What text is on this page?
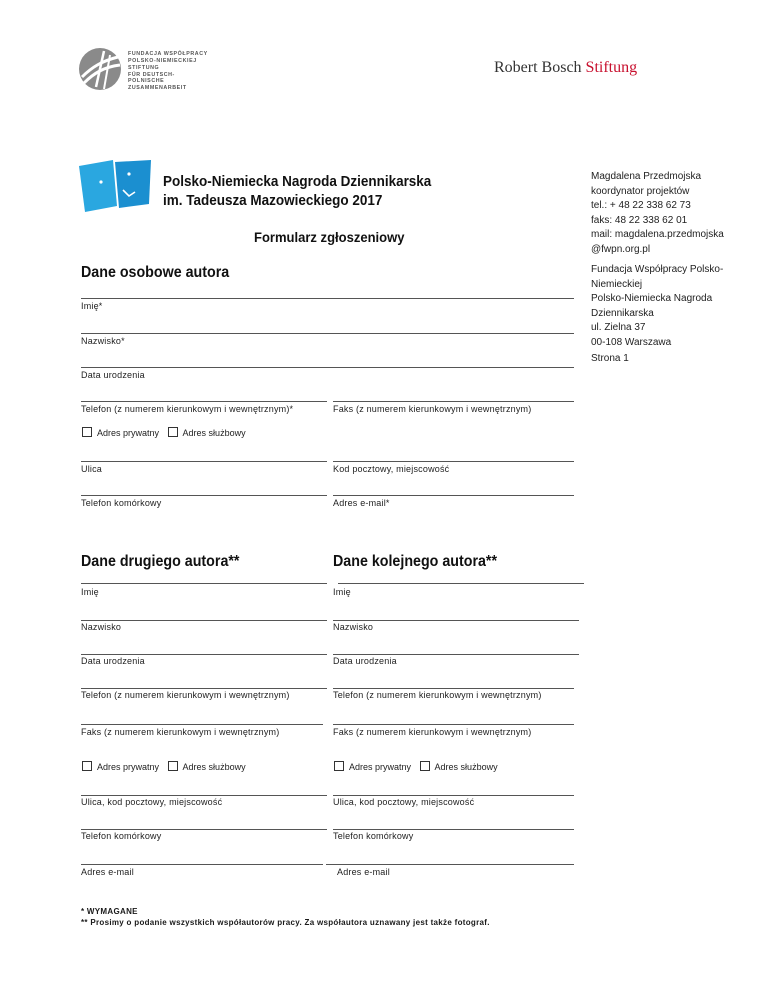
FUNDACJA WSPÓŁPRACY
POLSKO-NIEMIECKIEJ
STIFTUNG
FÜR DEUTSCH-POLNISCHE
ZUSAMMENARBEIT
Robert Bosch Stiftung
Polsko-Niemiecka Nagroda Dziennikarska
im. Tadeusza Mazowieckiego 2017
Formularz zgłoszeniowy
Magdalena Przedmojska
koordynator projektów
tel.: + 48 22 338 62 73
faks: 48 22 338 62 01
mail: magdalena.przedmojska
@fwpn.org.pl
Fundacja Współpracy Polsko-
Niemieckiej
Polsko-Niemiecka Nagroda
Dziennikarska
ul. Zielna 37
00-108 Warszawa
Strona 1
Dane osobowe autora
Imię*
Nazwisko*
Data urodzenia
Telefon (z numerem kierunkowym i wewnętrznym)*	Faks (z numerem kierunkowym i wewnętrznym)
Adres prywatny	Adres służbowy
Ulica	Kod pocztowy, miejscowość
Telefon komórkowy	Adres e-mail*
Dane drugiego autora**	Dane kolejnego autora**
Imię	Imię
Nazwisko	Nazwisko
Data urodzenia	Data urodzenia
Telefon (z numerem kierunkowym i wewnętrznym)	Telefon (z numerem kierunkowym i wewnętrznym)
Faks (z numerem kierunkowym i wewnętrznym)	Faks (z numerem kierunkowym i wewnętrznym)
Adres prywatny	Adres służbowy	Adres prywatny	Adres służbowy
Ulica, kod pocztowy, miejscowość	Ulica, kod pocztowy, miejscowość
Telefon komórkowy	Telefon komórkowy
Adres e-mail	Adres e-mail
* WYMAGANE
** Prosimy o podanie wszystkich współautorów pracy. Za współautora uznawany jest także fotograf.
